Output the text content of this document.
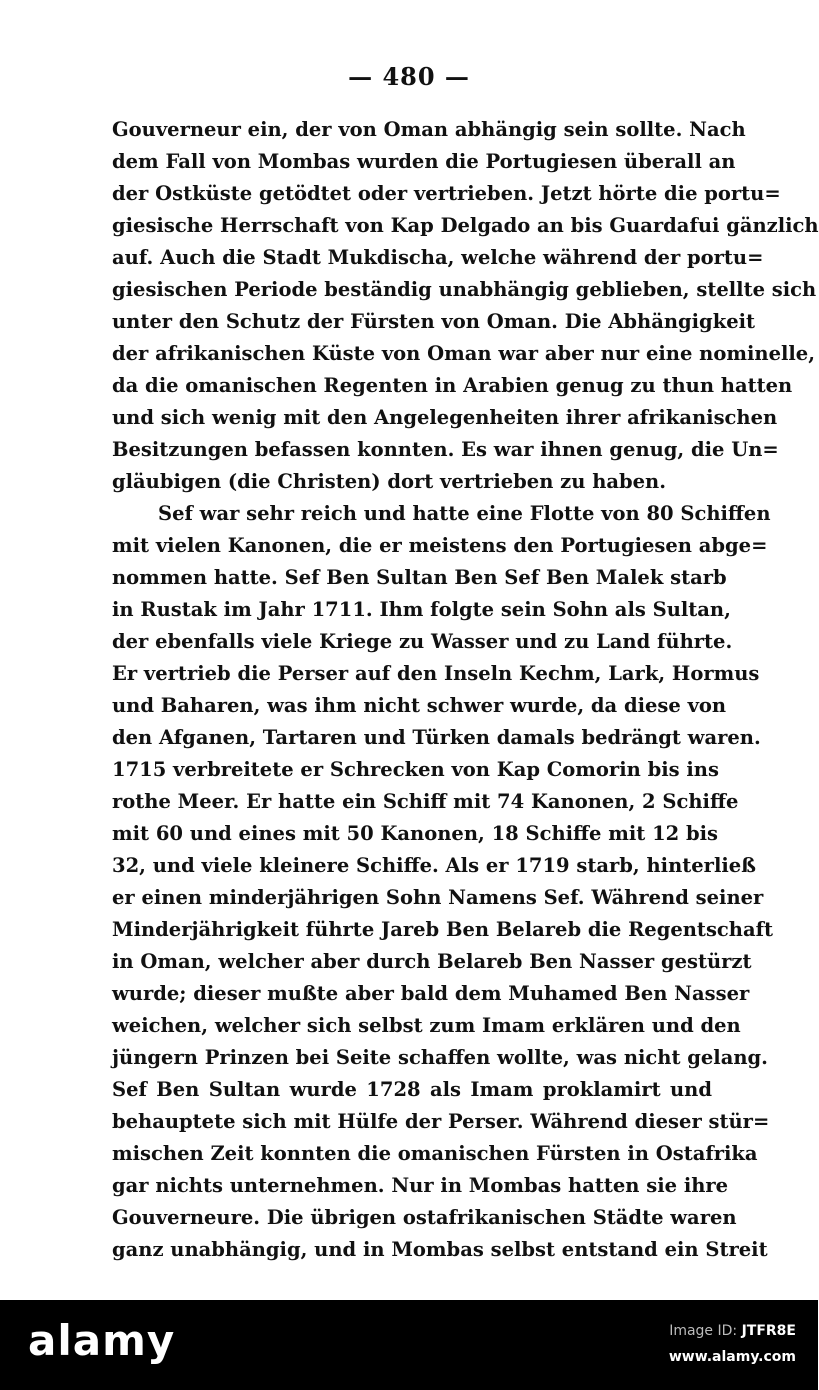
— 480 —
Gouverneur ein, der von Oman abhängig sein sollte. Nach
dem Fall von Mombas wurden die Portugiesen überall an
der Ostküste getödtet oder vertrieben. Jetzt hörte die portu=
giesische Herrschaft von Kap Delgado an bis Guardafui gänzlich
auf. Auch die Stadt Mukdischa, welche während der portu=
giesischen Periode beständig unabhängig geblieben, stellte sich
unter den Schutz der Fürsten von Oman. Die Abhängigkeit
der afrikanischen Küste von Oman war aber nur eine nominelle,
da die omanischen Regenten in Arabien genug zu thun hatten
und sich wenig mit den Angelegenheiten ihrer afrikanischen
Besitzungen befassen konnten. Es war ihnen genug, die Un=
gläubigen (die Christen) dort vertrieben zu haben.
Sef war sehr reich und hatte eine Flotte von 80 Schiffen
mit vielen Kanonen, die er meistens den Portugiesen abge=
nommen hatte. Sef Ben Sultan Ben Sef Ben Malek starb
in Rustak im Jahr 1711. Ihm folgte sein Sohn als Sultan,
der ebenfalls viele Kriege zu Wasser und zu Land führte.
Er vertrieb die Perser auf den Inseln Kechm, Lark, Hormus
und Baharen, was ihm nicht schwer wurde, da diese von
den Afganen, Tartaren und Türken damals bedrängt waren.
1715 verbreitete er Schrecken von Kap Comorin bis ins
rothe Meer. Er hatte ein Schiff mit 74 Kanonen, 2 Schiffe
mit 60 und eines mit 50 Kanonen, 18 Schiffe mit 12 bis
32, und viele kleinere Schiffe. Als er 1719 starb, hinterließ
er einen minderjährigen Sohn Namens Sef. Während seiner
Minderjährigkeit führte Jareb Ben Belareb die Regentschaft
in Oman, welcher aber durch Belareb Ben Nasser gestürzt
wurde; dieser mußte aber bald dem Muhamed Ben Nasser
weichen, welcher sich selbst zum Imam erklären und den
jüngern Prinzen bei Seite schaffen wollte, was nicht gelang.
Sef Ben Sultan wurde 1728 als Imam proklamirt und
behauptete sich mit Hülfe der Perser. Während dieser stür=
mischen Zeit konnten die omanischen Fürsten in Ostafrika
gar nichts unternehmen. Nur in Mombas hatten sie ihre
Gouverneure. Die übrigen ostafrikanischen Städte waren
ganz unabhängig, und in Mombas selbst entstand ein Streit
alamy	Image ID: JTFR8E
www.alamy.com
